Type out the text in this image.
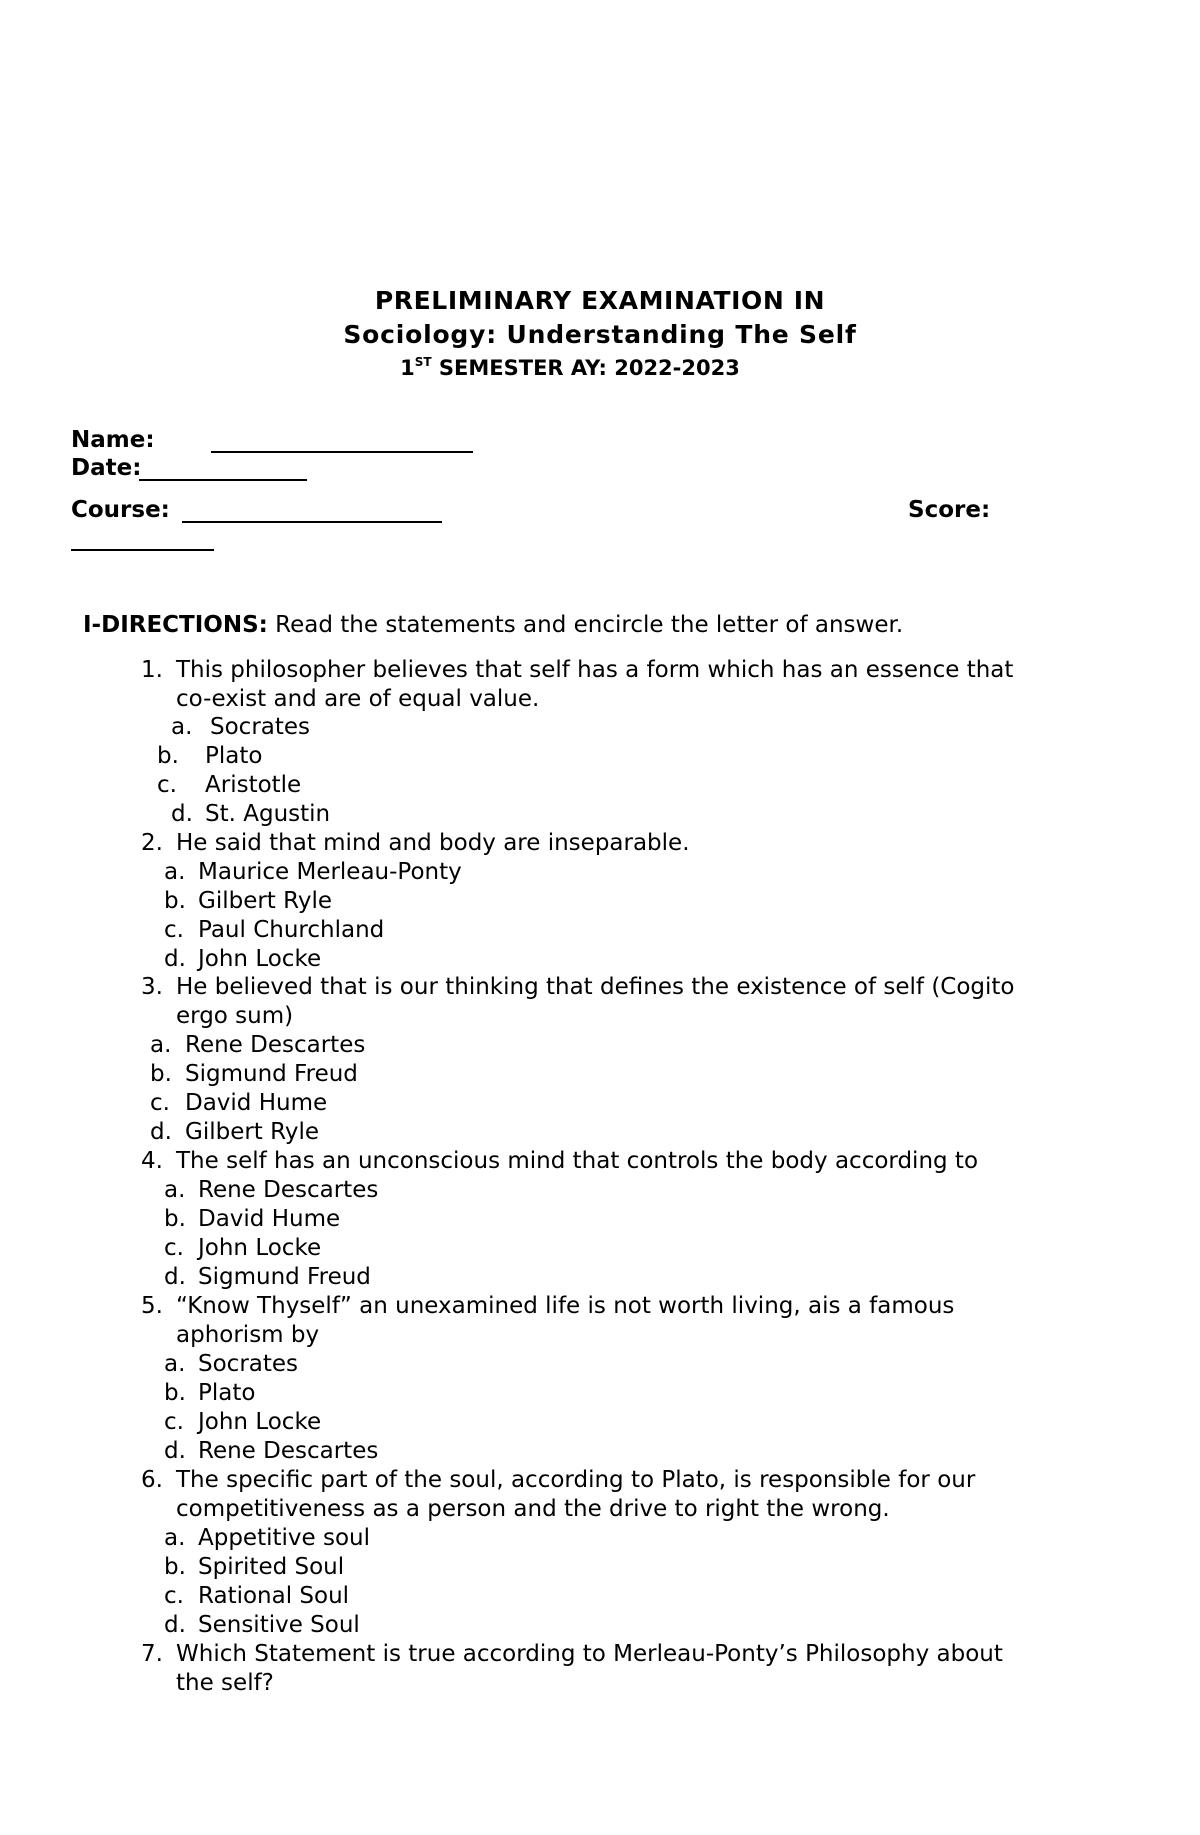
PRELIMINARY EXAMINATION IN
Sociology: Understanding The Self
1ST SEMESTER AY: 2022-2023
Name:
Date:
Course:	Score:
I-DIRECTIONS: Read the statements and encircle the letter of answer.
1. This philosopher believes that self has a form which has an essence that
co-exist and are of equal value.
a. Socrates
b. Plato
c. Aristotle
d. St. Agustin
2. He said that mind and body are inseparable.
a. Maurice Merleau-Ponty
b. Gilbert Ryle
c. Paul Churchland
d. John Locke
3. He believed that is our thinking that defines the existence of self (Cogito
ergo sum)
a. Rene Descartes
b. Sigmund Freud
c. David Hume
d. Gilbert Ryle
4. The self has an unconscious mind that controls the body according to
a. Rene Descartes
b. David Hume
c. John Locke
d. Sigmund Freud
5. “Know Thyself” an unexamined life is not worth living, ais a famous
aphorism by
a. Socrates
b. Plato
c. John Locke
d. Rene Descartes
6. The specific part of the soul, according to Plato, is responsible for our
competitiveness as a person and the drive to right the wrong.
a. Appetitive soul
b. Spirited Soul
c. Rational Soul
d. Sensitive Soul
7. Which Statement is true according to Merleau-Ponty’s Philosophy about
the self?
